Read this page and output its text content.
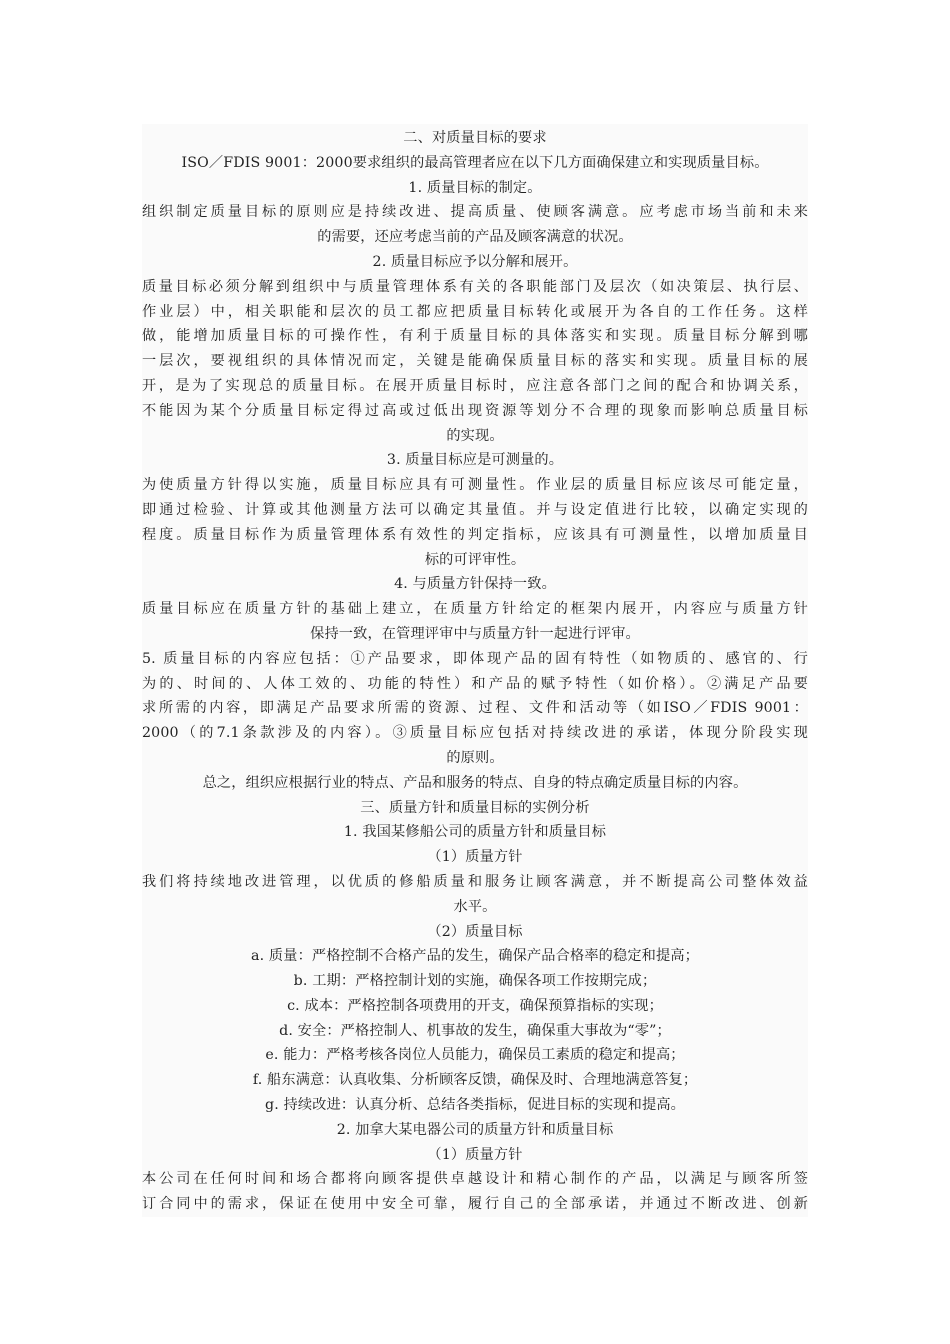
二、对质量目标的要求
ISO／FDIS 9001：2000要求组织的最高管理者应在以下几方面确保建立和实现质量目标。
1. 质量目标的制定。
组织制定质量目标的原则应是持续改进、提高质量、使顾客满意。应考虑市场当前和未来
的需要，还应考虑当前的产品及顾客满意的状况。
2. 质量目标应予以分解和展开。
质量目标必须分解到组织中与质量管理体系有关的各职能部门及层次（如决策层、执行层、
作业层）中，相关职能和层次的员工都应把质量目标转化或展开为各自的工作任务。这样
做，能增加质量目标的可操作性，有利于质量目标的具体落实和实现。质量目标分解到哪
一层次，要视组织的具体情况而定，关键是能确保质量目标的落实和实现。质量目标的展
开，是为了实现总的质量目标。在展开质量目标时，应注意各部门之间的配合和协调关系，
不能因为某个分质量目标定得过高或过低出现资源等划分不合理的现象而影响总质量目标
的实现。
3. 质量目标应是可测量的。
为使质量方针得以实施，质量目标应具有可测量性。作业层的质量目标应该尽可能定量，
即通过检验、计算或其他测量方法可以确定其量值。并与设定值进行比较，以确定实现的
程度。质量目标作为质量管理体系有效性的判定指标，应该具有可测量性，以增加质量目
标的可评审性。
4. 与质量方针保持一致。
质量目标应在质量方针的基础上建立，在质量方针给定的框架内展开，内容应与质量方针
保持一致，在管理评审中与质量方针一起进行评审。
5. 质量目标的内容应包括：①产品要求，即体现产品的固有特性（如物质的、感官的、行
为的、时间的、人体工效的、功能的特性）和产品的赋予特性（如价格）。②满足产品要
求所需的内容，即满足产品要求所需的资源、过程、文件和活动等（如ISO／FDIS 9001：
2000（的7.1条款涉及的内容）。③质量目标应包括对持续改进的承诺，体现分阶段实现
的原则。
总之，组织应根据行业的特点、产品和服务的特点、自身的特点确定质量目标的内容。
三、质量方针和质量目标的实例分析
1. 我国某修船公司的质量方针和质量目标
（1）质量方针
我们将持续地改进管理，以优质的修船质量和服务让顾客满意，并不断提高公司整体效益
水平。
（2）质量目标
a. 质量：严格控制不合格产品的发生，确保产品合格率的稳定和提高；
b. 工期：严格控制计划的实施，确保各项工作按期完成；
c. 成本：严格控制各项费用的开支，确保预算指标的实现；
d. 安全：严格控制人、机事故的发生，确保重大事故为“零”；
e. 能力：严格考核各岗位人员能力，确保员工素质的稳定和提高；
f. 船东满意：认真收集、分析顾客反馈，确保及时、合理地满意答复；
g. 持续改进：认真分析、总结各类指标，促进目标的实现和提高。
2. 加拿大某电器公司的质量方针和质量目标
（1）质量方针
本公司在任何时间和场合都将向顾客提供卓越设计和精心制作的产品，以满足与顾客所签
订合同中的需求，保证在使用中安全可靠，履行自己的全部承诺，并通过不断改进、创新
